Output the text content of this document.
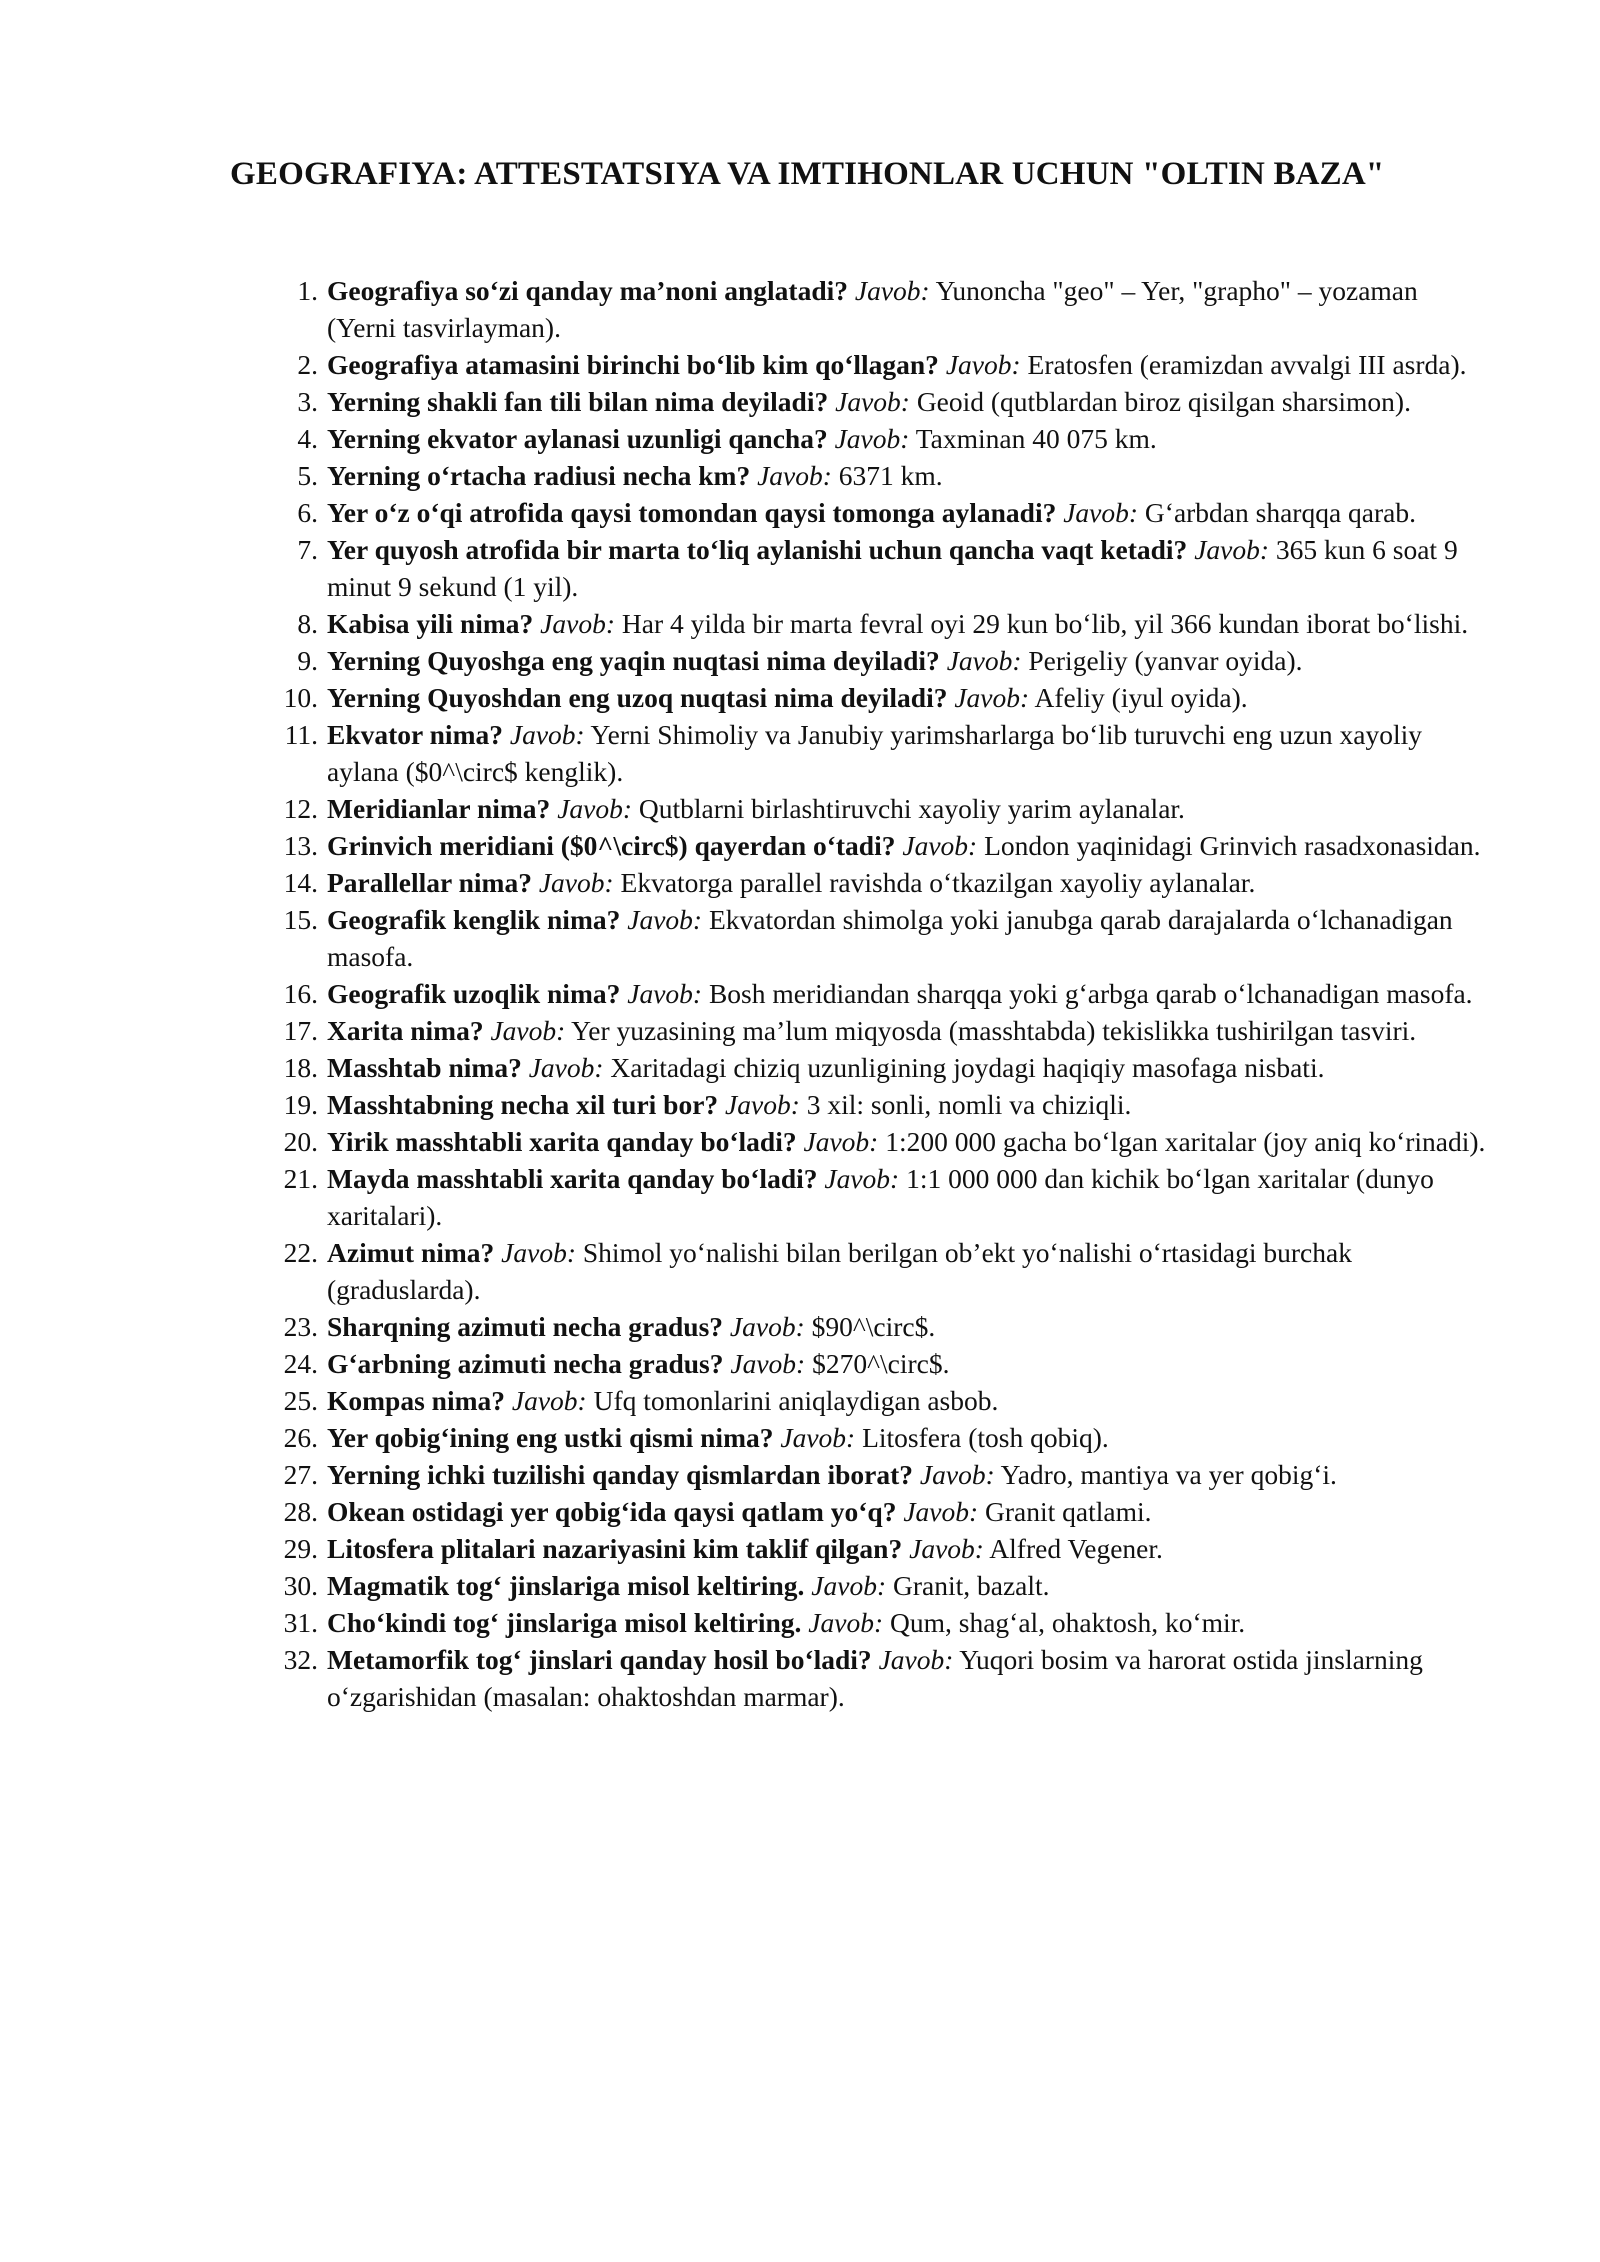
GEOGRAFIYA: ATTESTATSIYA VA IMTIHONLAR UCHUN "OLTIN BAZA"
1. Geografiya so‘zi qanday ma’noni anglatadi? Javob: Yunoncha "geo" – Yer, "grapho" – yozaman (Yerni tasvirlayman).
2. Geografiya atamasini birinchi bo‘lib kim qo‘llagan? Javob: Eratosfen (eramizdan avvalgi III asrda).
3. Yerning shakli fan tili bilan nima deyiladi? Javob: Geoid (qutblardan biroz qisilgan sharsimon).
4. Yerning ekvator aylanasi uzunligi qancha? Javob: Taxminan 40 075 km.
5. Yerning o‘rtacha radiusi necha km? Javob: 6371 km.
6. Yer o‘z o‘qi atrofida qaysi tomondan qaysi tomonga aylanadi? Javob: G‘arbdan sharqqa qarab.
7. Yer quyosh atrofida bir marta to‘liq aylanishi uchun qancha vaqt ketadi? Javob: 365 kun 6 soat 9 minut 9 sekund (1 yil).
8. Kabisa yili nima? Javob: Har 4 yilda bir marta fevral oyi 29 kun bo‘lib, yil 366 kundan iborat bo‘lishi.
9. Yerning Quyoshga eng yaqin nuqtasi nima deyiladi? Javob: Perigeliy (yanvar oyida).
10. Yerning Quyoshdan eng uzoq nuqtasi nima deyiladi? Javob: Afeliy (iyul oyida).
11. Ekvator nima? Javob: Yerni Shimoliy va Janubiy yarimsharlarga bo‘lib turuvchi eng uzun xayoliy aylana ($0^\circ$ kenglik).
12. Meridianlar nima? Javob: Qutblarni birlashtiruvchi xayoliy yarim aylanalar.
13. Grinvich meridiani ($0^\circ$) qayerdan o‘tadi? Javob: London yaqinidagi Grinvich rasadxonasidan.
14. Parallellar nima? Javob: Ekvatorga parallel ravishda o‘tkazilgan xayoliy aylanalar.
15. Geografik kenglik nima? Javob: Ekvatordan shimolga yoki janubga qarab darajalarda o‘lchanadigan masofa.
16. Geografik uzoqlik nima? Javob: Bosh meridiandan sharqqa yoki g‘arbga qarab o‘lchanadigan masofa.
17. Xarita nima? Javob: Yer yuzasining ma’lum miqyosda (masshtabda) tekislikka tushirilgan tasviri.
18. Masshtab nima? Javob: Xaritadagi chiziq uzunligining joydagi haqiqiy masofaga nisbati.
19. Masshtabning necha xil turi bor? Javob: 3 xil: sonli, nomli va chiziqli.
20. Yirik masshtabli xarita qanday bo‘ladi? Javob: 1:200 000 gacha bo‘lgan xaritalar (joy aniq ko‘rinadi).
21. Mayda masshtabli xarita qanday bo‘ladi? Javob: 1:1 000 000 dan kichik bo‘lgan xaritalar (dunyo xaritalari).
22. Azimut nima? Javob: Shimol yo‘nalishi bilan berilgan ob’ekt yo‘nalishi o‘rtasidagi burchak (graduslarda).
23. Sharqning azimuti necha gradus? Javob: $90^\circ$.
24. G‘arbning azimuti necha gradus? Javob: $270^\circ$.
25. Kompas nima? Javob: Ufq tomonlarini aniqlaydigan asbob.
26. Yer qobig‘ining eng ustki qismi nima? Javob: Litosfera (tosh qobiq).
27. Yerning ichki tuzilishi qanday qismlardan iborat? Javob: Yadro, mantiya va yer qobig‘i.
28. Okean ostidagi yer qobig‘ida qaysi qatlam yo‘q? Javob: Granit qatlami.
29. Litosfera plitalari nazariyasini kim taklif qilgan? Javob: Alfred Vegener.
30. Magmatik tog‘ jinslariga misol keltiring. Javob: Granit, bazalt.
31. Cho‘kindi tog‘ jinslariga misol keltiring. Javob: Qum, shag‘al, ohaktosh, ko‘mir.
32. Metamorfik tog‘ jinslari qanday hosil bo‘ladi? Javob: Yuqori bosim va harorat ostida jinslarning o‘zgarishidan (masalan: ohaktoshdan marmar).
